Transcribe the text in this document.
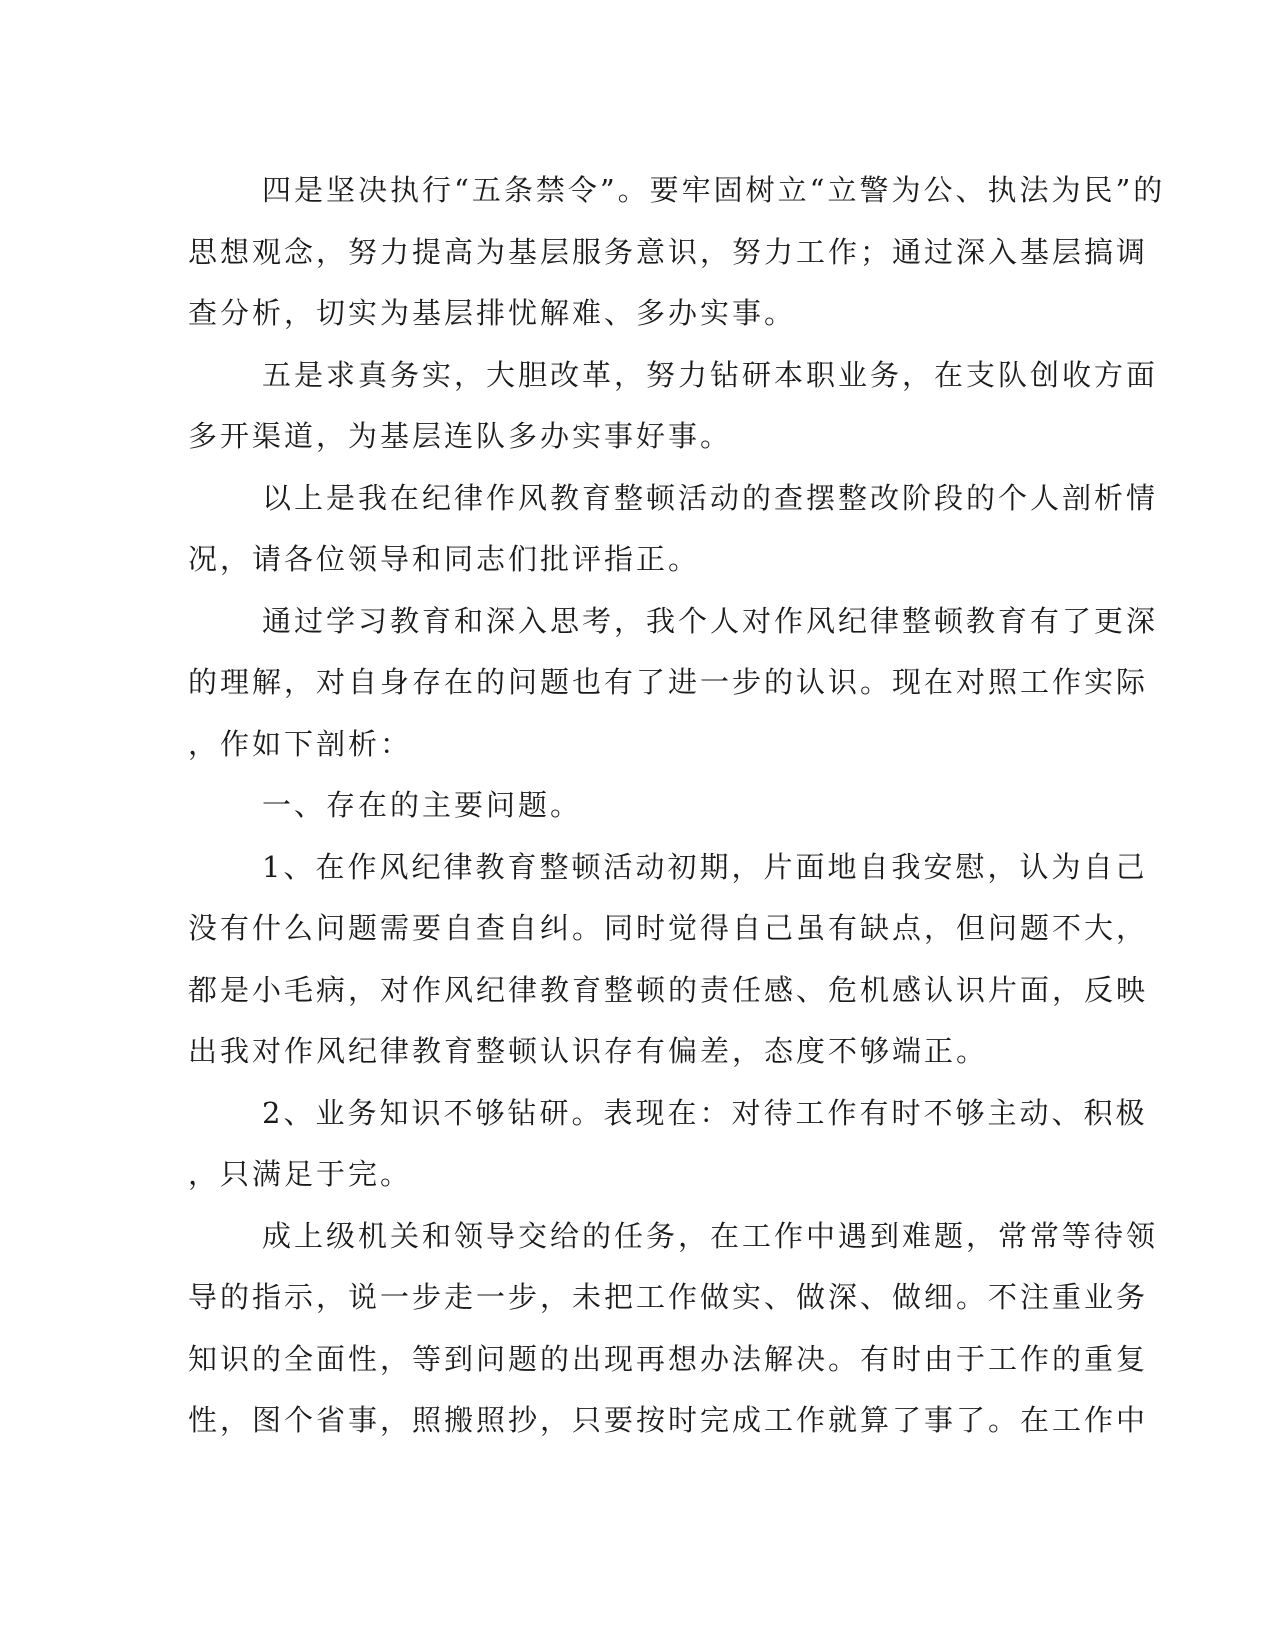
四是坚决执行“五条禁令”。要牢固树立“立警为公、执法为民”的
思想观念，努力提高为基层服务意识，努力工作；通过深入基层搞调
查分析，切实为基层排忧解难、多办实事。
五是求真务实，大胆改革，努力钻研本职业务，在支队创收方面
多开渠道，为基层连队多办实事好事。
以上是我在纪律作风教育整顿活动的查摆整改阶段的个人剖析情
况，请各位领导和同志们批评指正。
通过学习教育和深入思考，我个人对作风纪律整顿教育有了更深
的理解，对自身存在的问题也有了进一步的认识。现在对照工作实际
，作如下剖析：
一、存在的主要问题。
1、在作风纪律教育整顿活动初期，片面地自我安慰，认为自己
没有什么问题需要自查自纠。同时觉得自己虽有缺点，但问题不大，
都是小毛病，对作风纪律教育整顿的责任感、危机感认识片面，反映
出我对作风纪律教育整顿认识存有偏差，态度不够端正。
2、业务知识不够钻研。表现在：对待工作有时不够主动、积极
，只满足于完。
成上级机关和领导交给的任务，在工作中遇到难题，常常等待领
导的指示，说一步走一步，未把工作做实、做深、做细。不注重业务
知识的全面性，等到问题的出现再想办法解决。有时由于工作的重复
性，图个省事，照搬照抄，只要按时完成工作就算了事了。在工作中
